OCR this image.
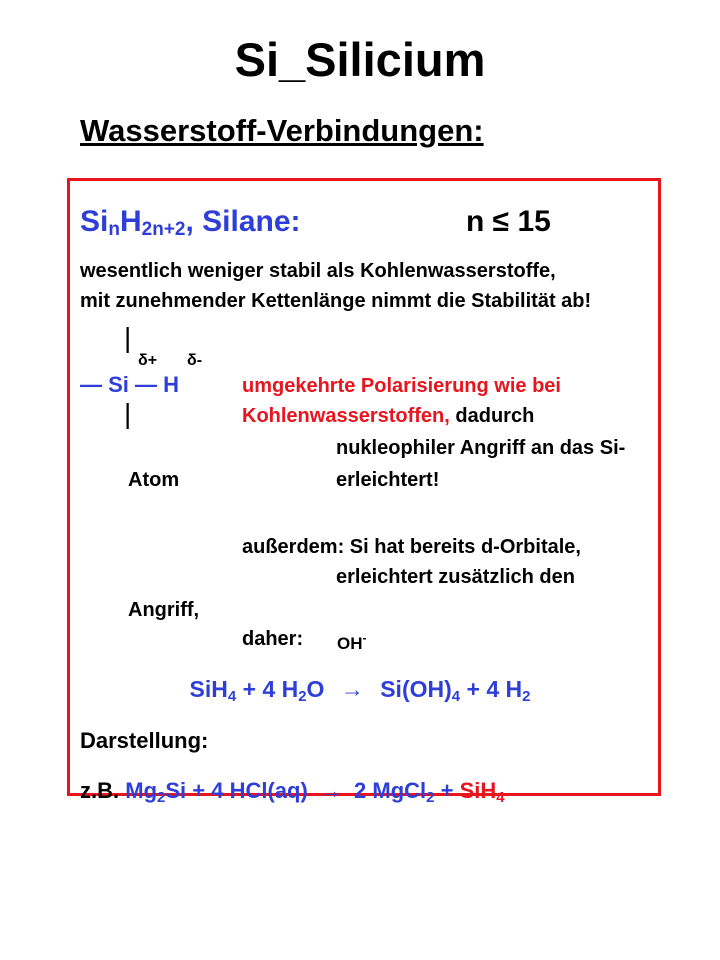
Si_Silicium
Wasserstoff-Verbindungen:
$Si_nH_{2n+2}$, Silane:	n ≤ 15
wesentlich weniger stabil als Kohlenwasserstoffe,
mit zunehmender Kettenlänge nimmt die Stabilität ab!
|
δ+ δ-
— Si — H
|
umgekehrte Polarisierung wie bei
Kohlenwasserstoffen, dadurch
nukleophiler Angriff an das Si-
Atom	erleichtert!
außerdem: Si hat bereits d-Orbitale,
erleichtert zusätzlich den
Angriff,
daher: OH-
SiH$_4$ + 4 $H_2O \to Si(OH)_4 + 4$ $H_2$
Darstellung:
z.B. $Mg_2Si + 4$ HCl(aq) → 2 MgCl$_2$ + SiH$_4$
